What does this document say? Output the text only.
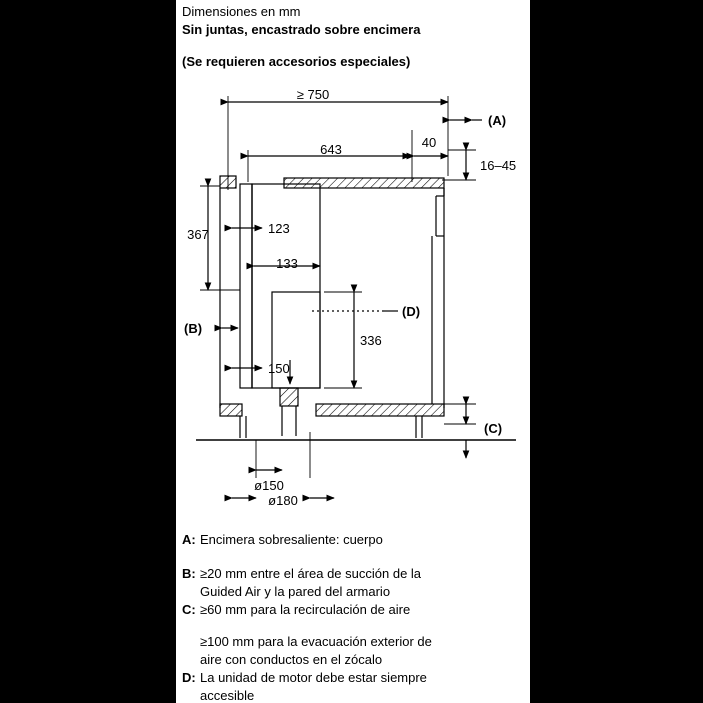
Dimensiones en mm
Sin juntas, encastrado sobre encimera
(Se requieren accesorios especiales)
≥ 750
(A)
643	40
16–45
367	123
133
(B)
(D)
336
150
(C)
ø150
ø180
A: Encimera sobresaliente: cuerpo
B: ≥20 mm entre el área de succión de la
Guided Air y la pared del armario
C: ≥60 mm para la recirculación de aire
≥100 mm para la evacuación exterior de
aire con conductos en el zócalo
D: La unidad de motor debe estar siempre
accesible
